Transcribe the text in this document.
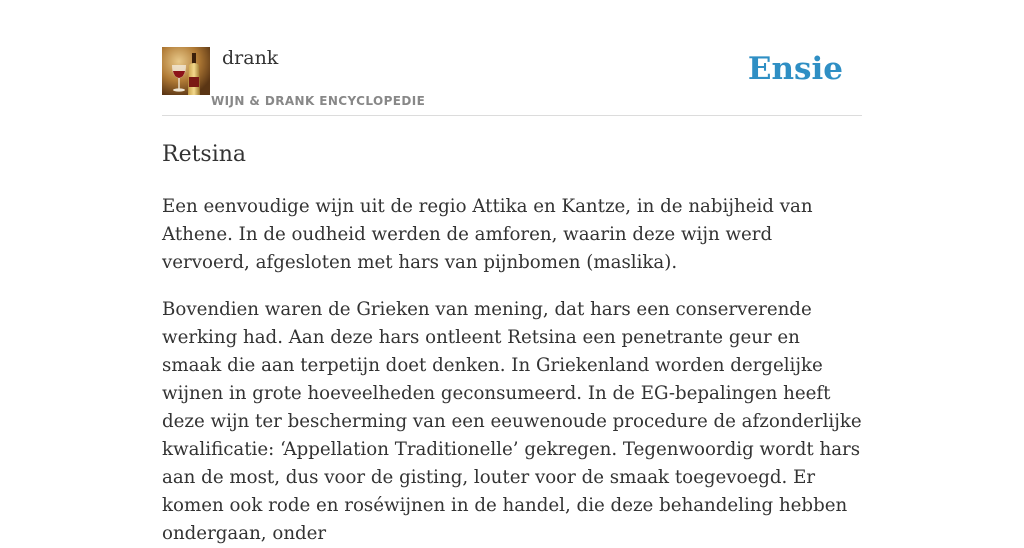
drank
WIJN & DRANK ENCYCLOPEDIE
Ensie
Retsina

Een eenvoudige wijn uit de regio Attika en Kantze, in de nabijheid van Athene. In de oudheid werden de amforen, waarin deze wijn werd vervoerd, afgesloten met hars van pijnbomen (maslika).

Bovendien waren de Grieken van mening, dat hars een conserverende werking had. Aan deze hars ontleent Retsina een penetrante geur en smaak die aan terpetijn doet denken. In Griekenland worden dergelijke wijnen in grote hoeveelheden geconsumeerd. In de EG-bepalingen heeft deze wijn ter bescherming van een eeuwenoude procedure de afzonderlijke kwalificatie: ‘Appellation Traditionelle’ gekregen. Tegenwoordig wordt hars aan de most, dus voor de gisting, louter voor de smaak toegevoegd. Er komen ook rode en roséwijnen in de handel, die deze behandeling hebben ondergaan, onder
